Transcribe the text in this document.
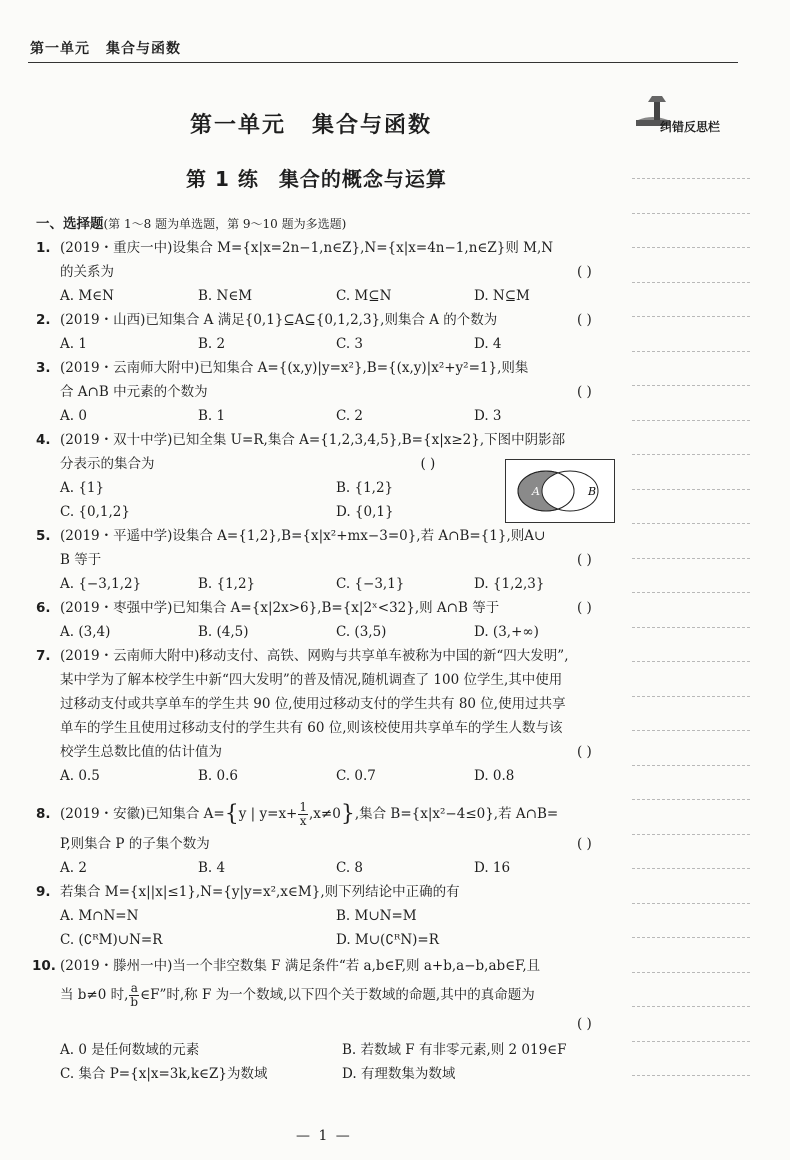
第一单元 集合与函数
纠错反思栏
第一单元 集合与函数
第 1 练 集合的概念与运算
一、选择题(第 1～8 题为单选题，第 9～10 题为多选题)
1. (2019・重庆一中)设集合 M={x|x=2n−1,n∈Z},N={x|x=4n−1,n∈Z}则 M,N
( )
的关系为
A. M∈N	B. N∈M	C. M⊆N	D. N⊆M
2.	( )
(2019・山西)已知集合 A 满足{0,1}⊆A⊆{0,1,2,3},则集合 A 的个数为
A. 1	B. 2	C. 3	D. 4
3. (2019・云南师大附中)已知集合 A={(x,y)|y=x²},B={(x,y)|x²+y²=1},则集
( )
合 A∩B 中元素的个数为
A. 0	B. 1	C. 2	D. 3
4. (2019・双十中学)已知全集 U=R,集合 A={1,2,3,4,5},B={x|x≥2},下图中阴影部
分表示的集合为	( )
A. {1}	B. {1,2}
C. {0,1,2}	D. {0,1}
5. (2019・平遥中学)设集合 A={1,2},B={x|x²+mx−3=0},若 A∩B={1},则A∪
( )
B 等于
A. {−3,1,2}	B. {1,2}	C. {−3,1}	D. {1,2,3}
6.	( )
(2019・枣强中学)已知集合 A={x|2x>6},B={x|2ˣ<32},则 A∩B 等于
A. (3,4)	B. (4,5)	C. (3,5)	D. (3,+∞)
7. (2019・云南师大附中)移动支付、高铁、网购与共享单车被称为中国的新“四大发明”,
某中学为了解本校学生中新“四大发明”的普及情况,随机调查了 100 位学生,其中使用
过移动支付或共享单车的学生共 90 位,使用过移动支付的学生共有 80 位,使用过共享
单车的学生且使用过移动支付的学生共有 60 位,则该校使用共享单车的学生人数与该
( )
校学生总数比值的估计值为
A. 0.5	B. 0.6	C. 0.7	D. 0.8
8. (2019・安徽)已知集合 A={y | $y=x+ \frac{1}{x} ,x\ne 0$},集合 B={x|x²−4≤0},若 A∩B=
( )
P,则集合 P 的子集个数为
A. 2	B. 4	C. 8	D. 16
9. 若集合 M={x||x|≤1},N={y|y=x²,x∈M},则下列结论中正确的有
A. M∩N=N	B. M∪N=M
C. (∁ᴿM)∪N=R	D. M∪(∁ᴿN)=R
10. (2019・滕州一中)当一个非空数集 F 满足条件“若 a,b∈F,则 a+b,a−b,ab∈F,且
当 b≠0 时, $\frac{a}{b}$ ∈F”时,称 F 为一个数域,以下四个关于数域的命题,其中的真命题为
( )
A. 0 是任何数域的元素	B. 若数域 F 有非零元素,则 2 019∈F
C. 集合 P={x|x=3k,k∈Z}为数域	D. 有理数集为数域
A	B
— 1 —
